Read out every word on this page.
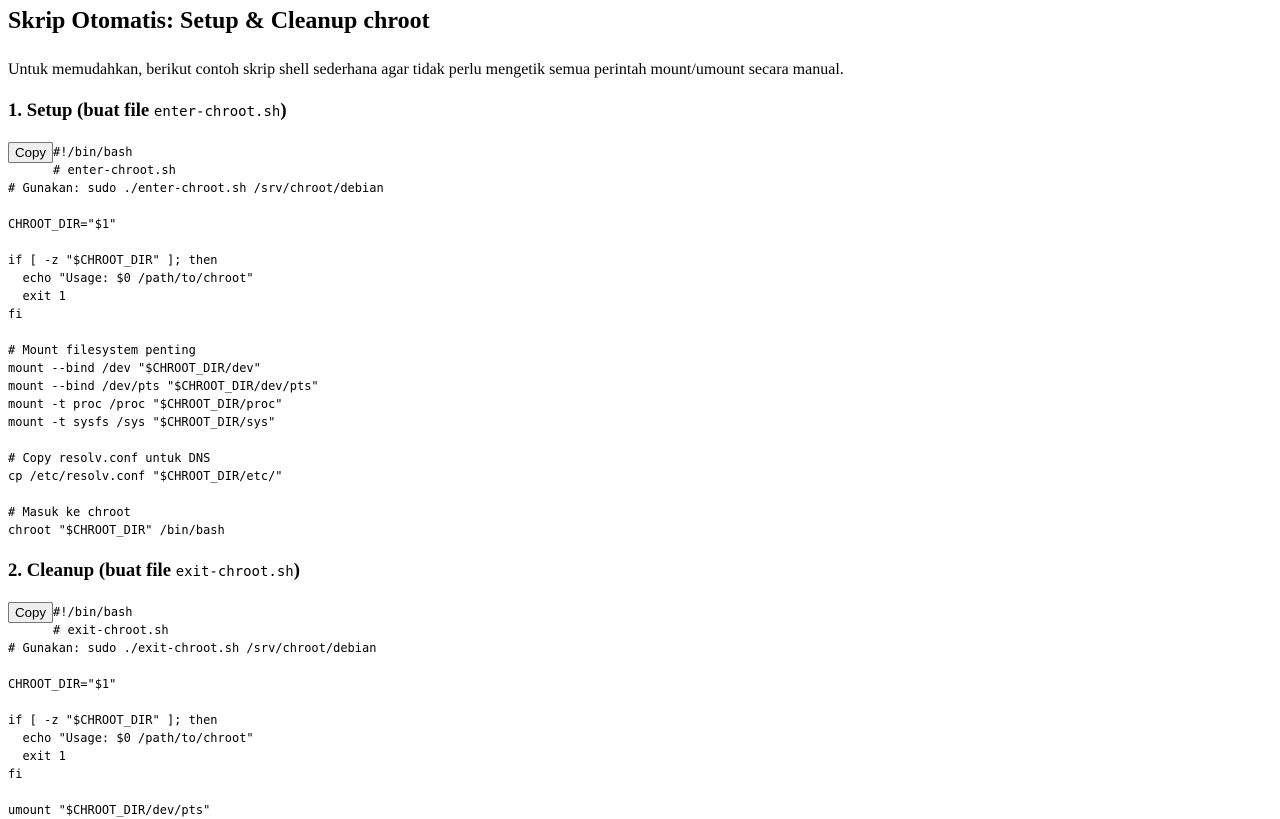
Skrip Otomatis: Setup & Cleanup chroot

Untuk memudahkan, berikut contoh skrip shell sederhana agar tidak perlu mengetik semua perintah mount/umount secara manual.

1. Setup (buat file enter-chroot.sh)
Copy #!/bin/bash
# enter-chroot.sh
# Gunakan: sudo ./enter-chroot.sh /srv/chroot/debian

CHROOT_DIR="$1"

if [ -z "$CHROOT_DIR" ]; then
echo "Usage: $0 /path/to/chroot"
exit 1
fi

# Mount filesystem penting
mount --bind /dev "$CHROOT_DIR/dev"
mount --bind /dev/pts "$CHROOT_DIR/dev/pts"
mount -t proc /proc "$CHROOT_DIR/proc"
mount -t sysfs /sys "$CHROOT_DIR/sys"

# Copy resolv.conf untuk DNS
cp /etc/resolv.conf "$CHROOT_DIR/etc/"

# Masuk ke chroot
chroot "$CHROOT_DIR" /bin/bash
2. Cleanup (buat file exit-chroot.sh)
Copy #!/bin/bash
# exit-chroot.sh
# Gunakan: sudo ./exit-chroot.sh /srv/chroot/debian

CHROOT_DIR="$1"

if [ -z "$CHROOT_DIR" ]; then
echo "Usage: $0 /path/to/chroot"
exit 1
fi

umount "$CHROOT_DIR/dev/pts"
